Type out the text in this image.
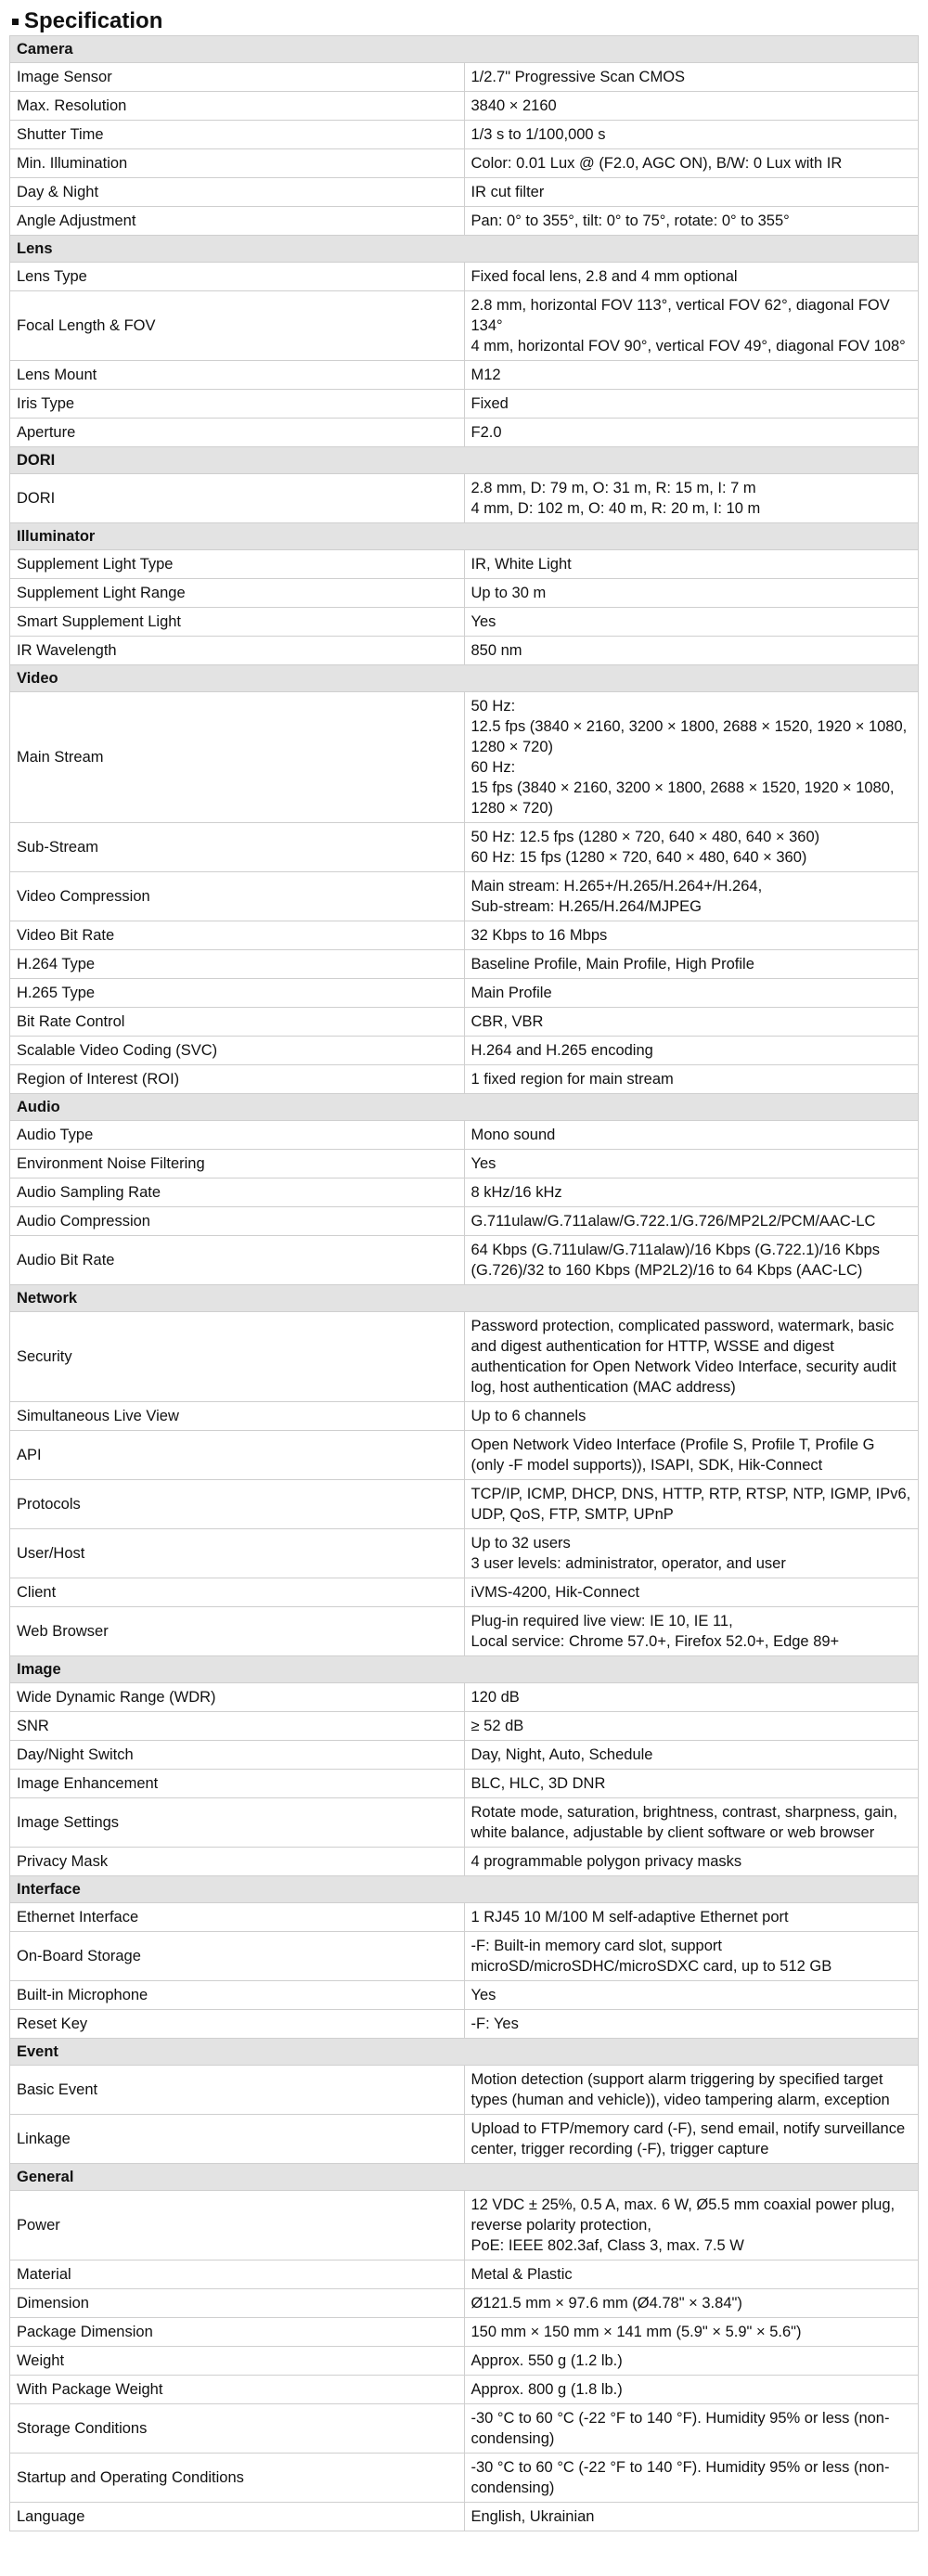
Specification
Camera	
Image Sensor	1/2.7" Progressive Scan CMOS
Max. Resolution	3840 × 2160
Shutter Time	1/3 s to 1/100,000 s
Min. Illumination	Color: 0.01 Lux @ (F2.0, AGC ON), B/W: 0 Lux with IR
Day & Night	IR cut filter
Angle Adjustment	Pan: 0° to 355°, tilt: 0° to 75°, rotate: 0° to 355°
Lens	
Lens Type	Fixed focal lens, 2.8 and 4 mm optional
Focal Length & FOV	2.8 mm, horizontal FOV 113°, vertical FOV 62°, diagonal FOV 134°
4 mm, horizontal FOV 90°, vertical FOV 49°, diagonal FOV 108°
Lens Mount	M12
Iris Type	Fixed
Aperture	F2.0
DORI	
DORI	2.8 mm, D: 79 m, O: 31 m, R: 15 m, I: 7 m
4 mm, D: 102 m, O: 40 m, R: 20 m, I: 10 m
Illuminator	
Supplement Light Type	IR, White Light
Supplement Light Range	Up to 30 m
Smart Supplement Light	Yes
IR Wavelength	850 nm
Video	
Main Stream	50 Hz:
12.5 fps (3840 × 2160, 3200 × 1800, 2688 × 1520, 1920 × 1080, 1280 × 720)
60 Hz:
15 fps (3840 × 2160, 3200 × 1800, 2688 × 1520, 1920 × 1080, 1280 × 720)
Sub-Stream	50 Hz: 12.5 fps (1280 × 720, 640 × 480, 640 × 360)
60 Hz: 15 fps (1280 × 720, 640 × 480, 640 × 360)
Video Compression	Main stream: H.265+/H.265/H.264+/H.264,
Sub-stream: H.265/H.264/MJPEG
Video Bit Rate	32 Kbps to 16 Mbps
H.264 Type	Baseline Profile, Main Profile, High Profile
H.265 Type	Main Profile
Bit Rate Control	CBR, VBR
Scalable Video Coding (SVC)	H.264 and H.265 encoding
Region of Interest (ROI)	1 fixed region for main stream
Audio	
Audio Type	Mono sound
Environment Noise Filtering	Yes
Audio Sampling Rate	8 kHz/16 kHz
Audio Compression	G.711ulaw/G.711alaw/G.722.1/G.726/MP2L2/PCM/AAC-LC
Audio Bit Rate	64 Kbps (G.711ulaw/G.711alaw)/16 Kbps (G.722.1)/16 Kbps (G.726)/32 to 160 Kbps (MP2L2)/16 to 64 Kbps (AAC-LC)
Network	
Security	Password protection, complicated password, watermark, basic and digest authentication for HTTP, WSSE and digest authentication for Open Network Video Interface, security audit log, host authentication (MAC address)
Simultaneous Live View	Up to 6 channels
API	Open Network Video Interface (Profile S, Profile T, Profile G (only -F model supports)), ISAPI, SDK, Hik-Connect
Protocols	TCP/IP, ICMP, DHCP, DNS, HTTP, RTP, RTSP, NTP, IGMP, IPv6, UDP, QoS, FTP, SMTP, UPnP
User/Host	Up to 32 users
3 user levels: administrator, operator, and user
Client	iVMS-4200, Hik-Connect
Web Browser	Plug-in required live view: IE 10, IE 11,
Local service: Chrome 57.0+, Firefox 52.0+, Edge 89+
Image	
Wide Dynamic Range (WDR)	120 dB
SNR	≥ 52 dB
Day/Night Switch	Day, Night, Auto, Schedule
Image Enhancement	BLC, HLC, 3D DNR
Image Settings	Rotate mode, saturation, brightness, contrast, sharpness, gain, white balance, adjustable by client software or web browser
Privacy Mask	4 programmable polygon privacy masks
Interface	
Ethernet Interface	1 RJ45 10 M/100 M self-adaptive Ethernet port
On-Board Storage	-F: Built-in memory card slot, support microSD/microSDHC/microSDXC card, up to 512 GB
Built-in Microphone	Yes
Reset Key	-F: Yes
Event	
Basic Event	Motion detection (support alarm triggering by specified target types (human and vehicle)), video tampering alarm, exception
Linkage	Upload to FTP/memory card (-F), send email, notify surveillance center, trigger recording (-F), trigger capture
General	
Power	12 VDC ± 25%, 0.5 A, max. 6 W, Ø5.5 mm coaxial power plug, reverse polarity protection,
PoE: IEEE 802.3af, Class 3, max. 7.5 W
Material	Metal & Plastic
Dimension	Ø121.5 mm × 97.6 mm (Ø4.78" × 3.84")
Package Dimension	150 mm × 150 mm × 141 mm (5.9" × 5.9" × 5.6")
Weight	Approx. 550 g (1.2 lb.)
With Package Weight	Approx. 800 g (1.8 lb.)
Storage Conditions	-30 °C to 60 °C (-22 °F to 140 °F). Humidity 95% or less (non-condensing)
Startup and Operating Conditions	-30 °C to 60 °C (-22 °F to 140 °F). Humidity 95% or less (non-condensing)
Language	English, Ukrainian
